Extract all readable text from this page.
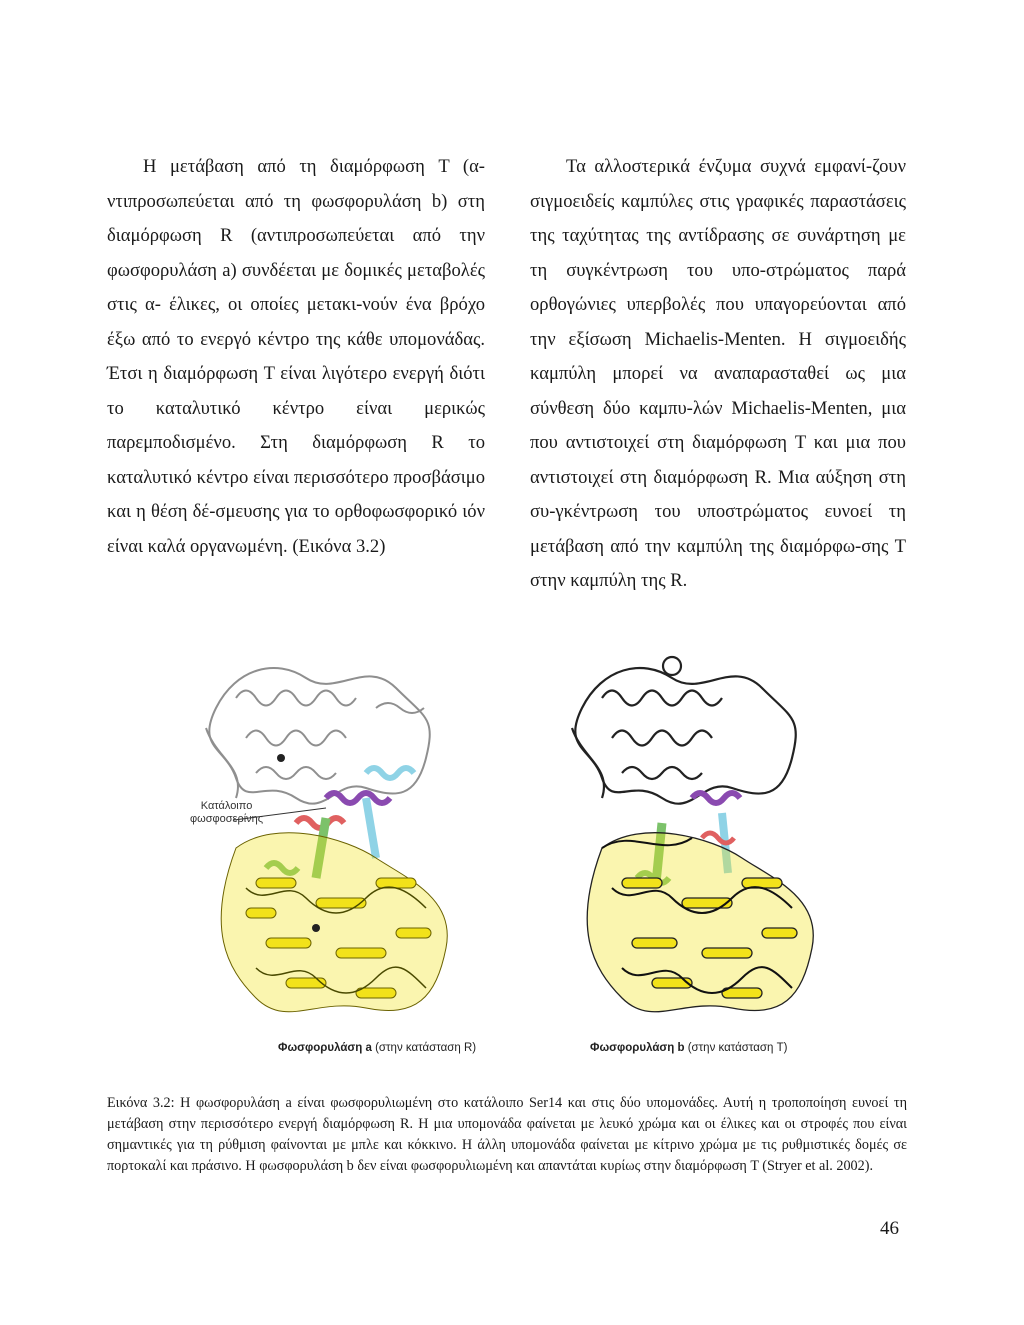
Η μετάβαση από τη διαμόρφωση T (α-ντιπροσωπεύεται από τη φωσφορυλάση b) στη διαμόρφωση R (αντιπροσωπεύεται από την φωσφορυλάση a) συνδέεται με δομικές μεταβολές στις α- έλικες, οι οποίες μετακι-νούν ένα βρόχο έξω από το ενεργό κέντρο της κάθε υπομονάδας. Έτσι η διαμόρφωση T είναι λιγότερο ενεργή διότι το καταλυτικό κέντρο είναι μερικώς παρεμποδισμένο. Στη διαμόρφωση R το καταλυτικό κέντρο είναι περισσότερο προσβάσιμο και η θέση δέ-σμευσης για το ορθοφωσφορικό ιόν είναι καλά οργανωμένη. (Εικόνα 3.2)

Τα αλλοστερικά ένζυμα συχνά εμφανί-ζουν σιγμοειδείς καμπύλες στις γραφικές παραστάσεις της ταχύτητας της αντίδρασης σε συνάρτηση με τη συγκέντρωση του υπο-στρώματος παρά ορθογώνιες υπερβολές που υπαγορεύονται από την εξίσωση Michaelis-Menten. Η σιγμοειδής καμπύλη μπορεί να αναπαρασταθεί ως μια σύνθεση δύο καμπυ-λών Michaelis-Menten, μια που αντιστοιχεί στη διαμόρφωση T και μια που αντιστοιχεί στη διαμόρφωση R. Μια αύξηση στη συ-γκέντρωση του υποστρώματος ευνοεί τη μετάβαση από την καμπύλη της διαμόρφω-σης T στην καμπύλη της R.

Κατάλοιπο
φωσφοσερίνης
Φωσφορυλάση a (στην κατάσταση R)	Φωσφορυλάση b (στην κατάσταση T)
Εικόνα 3.2: Η φωσφορυλάση a είναι φωσφορυλιωμένη στο κατάλοιπο Ser14 και στις δύο υπομονάδες. Αυτή η τροποποίηση ευνοεί τη μετάβαση στην περισσότερο ενεργή διαμόρφωση R. Η μια υπομονάδα φαίνεται με λευκό χρώμα και οι έλικες και οι στροφές που είναι σημαντικές για τη ρύθμιση φαίνονται με μπλε και κόκκινο. Η άλλη υπομονάδα φαίνεται με κίτρινο χρώμα με τις ρυθμιστικές δομές σε πορτοκαλί και πράσινο. Η φωσφορυλάση b δεν είναι φωσφορυλιωμένη και απαντάται κυρίως στην διαμόρφωση T (Stryer et al. 2002).
46
